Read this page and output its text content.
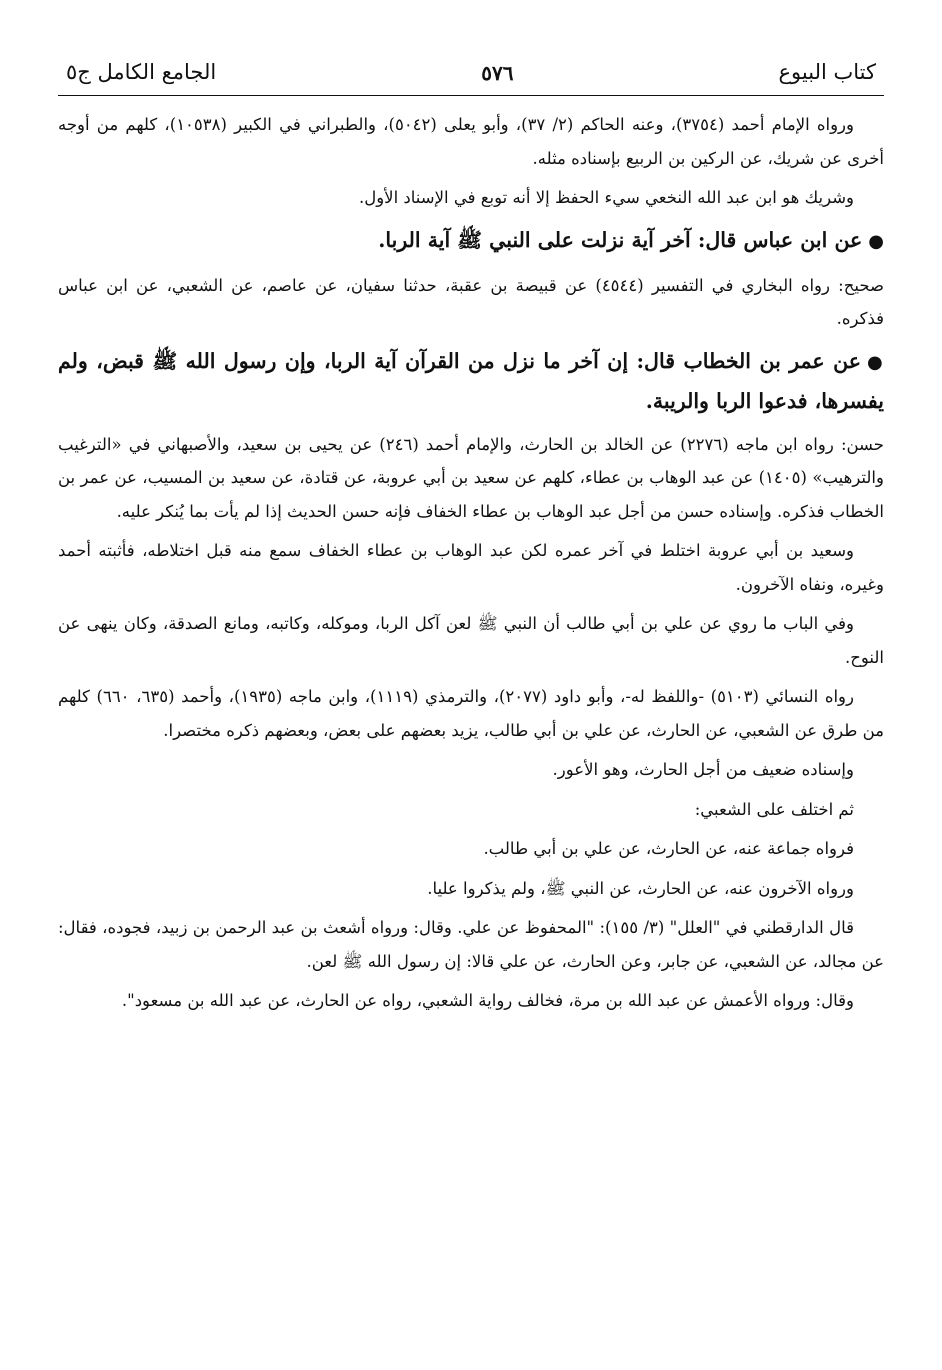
كتاب البيوع
٥٧٦
الجامع الكامل ج٥

ورواه الإمام أحمد (٣٧٥٤)، وعنه الحاكم (٢/ ٣٧)، وأبو يعلى (٥٠٤٢)، والطبراني في الكبير (١٠٥٣٨)، كلهم من أوجه أخرى عن شريك، عن الركين بن الربيع بإسناده مثله.

وشريك هو ابن عبد الله النخعي سيء الحفظ إلا أنه توبع في الإسناد الأول.

●عن ابن عباس قال: آخر آية نزلت على النبي ﷺ آية الربا.

صحيح: رواه البخاري في التفسير (٤٥٤٤) عن قبيصة بن عقبة، حدثنا سفيان، عن عاصم، عن الشعبي، عن ابن عباس فذكره.

●عن عمر بن الخطاب قال: إن آخر ما نزل من القرآن آية الربا، وإن رسول الله ﷺ قبض، ولم يفسرها، فدعوا الربا والريبة.

حسن: رواه ابن ماجه (٢٢٧٦) عن الخالد بن الحارث، والإمام أحمد (٢٤٦) عن يحيى بن سعيد، والأصبهاني في «الترغيب والترهيب» (١٤٠٥) عن عبد الوهاب بن عطاء، كلهم عن سعيد بن أبي عروبة، عن قتادة، عن سعيد بن المسيب، عن عمر بن الخطاب فذكره. وإسناده حسن من أجل عبد الوهاب بن عطاء الخفاف فإنه حسن الحديث إذا لم يأت بما يُنكر عليه.

وسعيد بن أبي عروبة اختلط في آخر عمره لكن عبد الوهاب بن عطاء الخفاف سمع منه قبل اختلاطه، فأثبته أحمد وغيره، ونفاه الآخرون.

وفي الباب ما روي عن علي بن أبي طالب أن النبي ﷺ لعن آكل الربا، وموكله، وكاتبه، ومانع الصدقة، وكان ينهى عن النوح.

رواه النسائي (٥١٠٣) -واللفظ له-، وأبو داود (٢٠٧٧)، والترمذي (١١١٩)، وابن ماجه (١٩٣٥)، وأحمد (٦٣٥، ٦٦٠) كلهم من طرق عن الشعبي، عن الحارث، عن علي بن أبي طالب، يزيد بعضهم على بعض، وبعضهم ذكره مختصرا.

وإسناده ضعيف من أجل الحارث، وهو الأعور.

ثم اختلف على الشعبي:

فرواه جماعة عنه، عن الحارث، عن علي بن أبي طالب.

ورواه الآخرون عنه، عن الحارث، عن النبي ﷺ، ولم يذكروا عليا.

قال الدارقطني في "العلل" (٣/ ١٥٥): "المحفوظ عن علي. وقال: ورواه أشعث بن عبد الرحمن بن زبيد، فجوده، فقال: عن مجالد، عن الشعبي، عن جابر، وعن الحارث، عن علي قالا: إن رسول الله ﷺ لعن.

وقال: ورواه الأعمش عن عبد الله بن مرة، فخالف رواية الشعبي، رواه عن الحارث، عن عبد الله بن مسعود".
